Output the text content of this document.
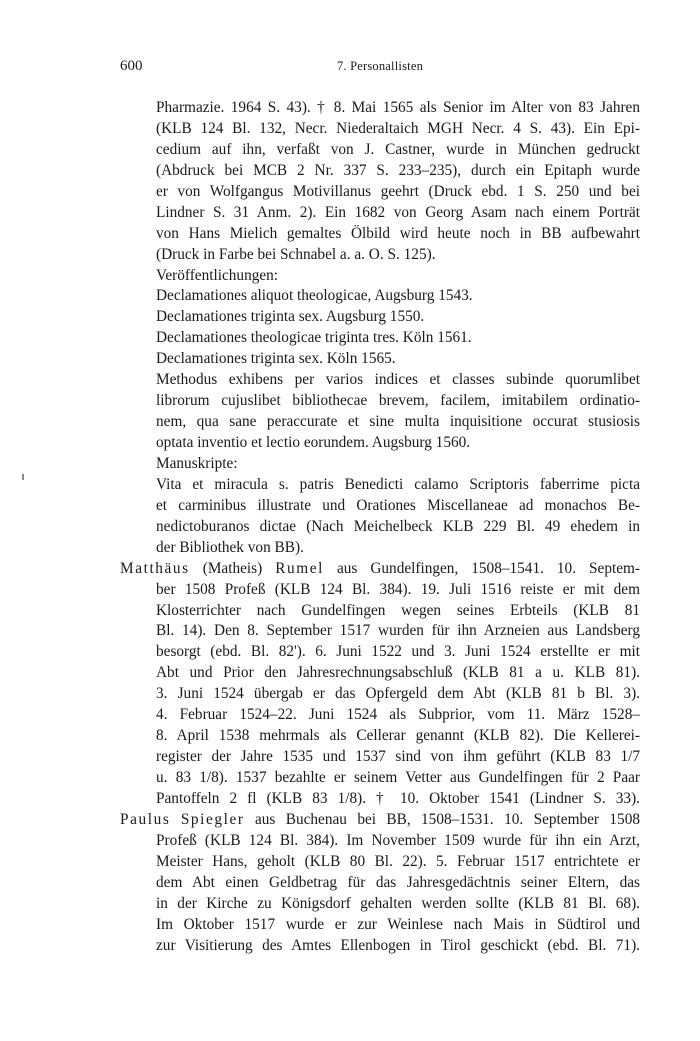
600	7. Personallisten
Pharmazie. 1964 S. 43). † 8. Mai 1565 als Senior im Alter von 83 Jahren
(KLB 124 Bl. 132, Necr. Niederaltaich MGH Necr. 4 S. 43). Ein Epi-
cedium auf ihn, verfaßt von J. Castner, wurde in München gedruckt
(Abdruck bei MCB 2 Nr. 337 S. 233–235), durch ein Epitaph wurde
er von Wolfgangus Motivillanus geehrt (Druck ebd. 1 S. 250 und bei
Lindner S. 31 Anm. 2). Ein 1682 von Georg Asam nach einem Porträt
von Hans Mielich gemaltes Ölbild wird heute noch in BB aufbewahrt
(Druck in Farbe bei Schnabel a. a. O. S. 125).
Veröffentlichungen:
Declamationes aliquot theologicae, Augsburg 1543.
Declamationes triginta sex. Augsburg 1550.
Declamationes theologicae triginta tres. Köln 1561.
Declamationes triginta sex. Köln 1565.
Methodus exhibens per varios indices et classes subinde quorumlibet
librorum cujuslibet bibliothecae brevem, facilem, imitabilem ordinatio-
nem, qua sane peraccurate et sine multa inquisitione occurat stusiosis
optata inventio et lectio eorundem. Augsburg 1560.
Manuskripte:
Vita et miracula s. patris Benedicti calamo Scriptoris faberrime picta
et carminibus illustrate und Orationes Miscellaneae ad monachos Be-
nedictoburanos dictae (Nach Meichelbeck KLB 229 Bl. 49 ehedem in
der Bibliothek von BB).
Matthäus (Matheis) Rumel aus Gundelfingen, 1508–1541. 10. Septem-
ber 1508 Profeß (KLB 124 Bl. 384). 19. Juli 1516 reiste er mit dem
Klosterrichter nach Gundelfingen wegen seines Erbteils (KLB 81
Bl. 14). Den 8. September 1517 wurden für ihn Arzneien aus Landsberg
besorgt (ebd. Bl. 82'). 6. Juni 1522 und 3. Juni 1524 erstellte er mit
Abt und Prior den Jahresrechnungsabschluß (KLB 81 a u. KLB 81).
3. Juni 1524 übergab er das Opfergeld dem Abt (KLB 81 b Bl. 3).
4. Februar 1524–22. Juni 1524 als Subprior, vom 11. März 1528–
8. April 1538 mehrmals als Cellerar genannt (KLB 82). Die Kellerei-
register der Jahre 1535 und 1537 sind von ihm geführt (KLB 83 1/7
u. 83 1/8). 1537 bezahlte er seinem Vetter aus Gundelfingen für 2 Paar
Pantoffeln 2 fl (KLB 83 1/8). † 10. Oktober 1541 (Lindner S. 33).
Paulus Spiegler aus Buchenau bei BB, 1508–1531. 10. September 1508
Profeß (KLB 124 Bl. 384). Im November 1509 wurde für ihn ein Arzt,
Meister Hans, geholt (KLB 80 Bl. 22). 5. Februar 1517 entrichtete er
dem Abt einen Geldbetrag für das Jahresgedächtnis seiner Eltern, das
in der Kirche zu Königsdorf gehalten werden sollte (KLB 81 Bl. 68).
Im Oktober 1517 wurde er zur Weinlese nach Mais in Südtirol und
zur Visitierung des Amtes Ellenbogen in Tirol geschickt (ebd. Bl. 71).
